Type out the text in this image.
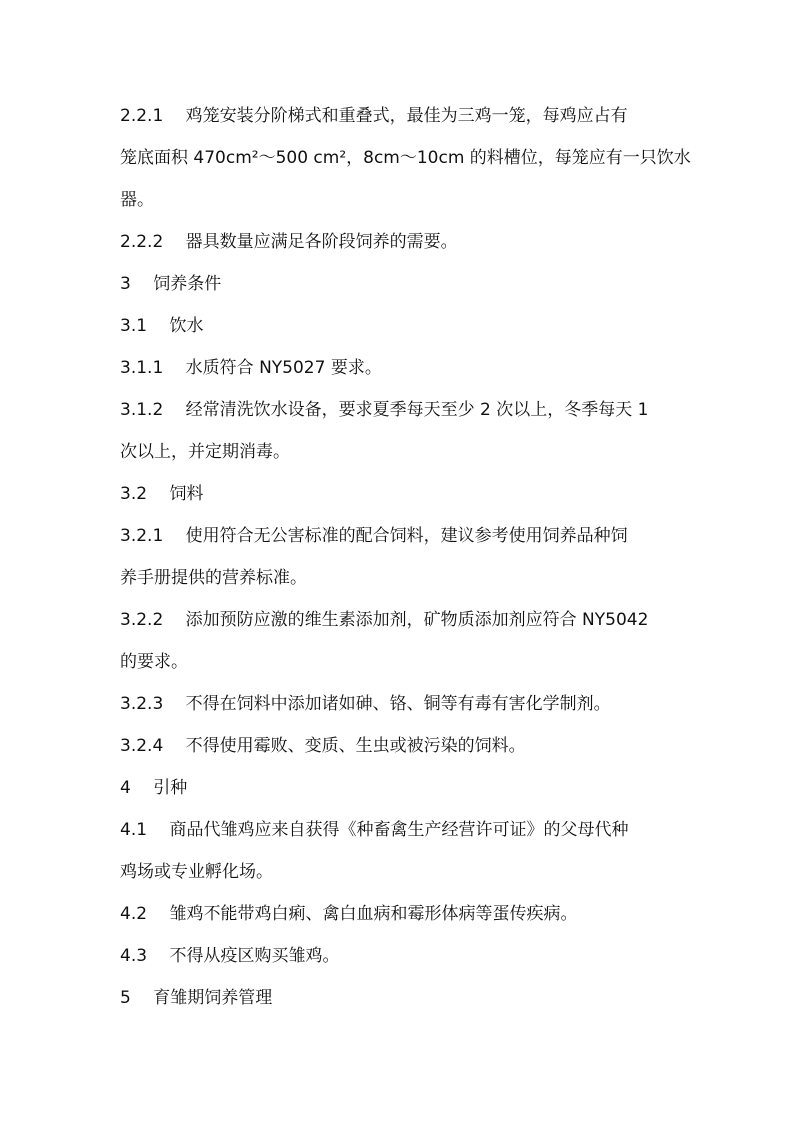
2.2.1　 鸡笼安装分阶梯式和重叠式，最佳为三鸡一笼，每鸡应占有
笼底面积 470cm²～500 cm²，8cm～10cm 的料槽位，每笼应有一只饮水
器。
2.2.2　 器具数量应满足各阶段饲养的需要。
3　 饲养条件
3.1　 饮水
3.1.1　 水质符合 NY5027 要求。
3.1.2　 经常清洗饮水设备，要求夏季每天至少 2 次以上，冬季每天 1
次以上，并定期消毒。
3.2　 饲料
3.2.1　 使用符合无公害标准的配合饲料，建议参考使用饲养品种饲
养手册提供的营养标准。
3.2.2　 添加预防应激的维生素添加剂，矿物质添加剂应符合 NY5042
的要求。
3.2.3　 不得在饲料中添加诸如砷、铬、铜等有毒有害化学制剂。
3.2.4　 不得使用霉败、变质、生虫或被污染的饲料。
4　 引种
4.1　 商品代雏鸡应来自获得《种畜禽生产经营许可证》的父母代种
鸡场或专业孵化场。
4.2　 雏鸡不能带鸡白痢、禽白血病和霉形体病等蛋传疾病。
4.3　 不得从疫区购买雏鸡。
5　 育雏期饲养管理
